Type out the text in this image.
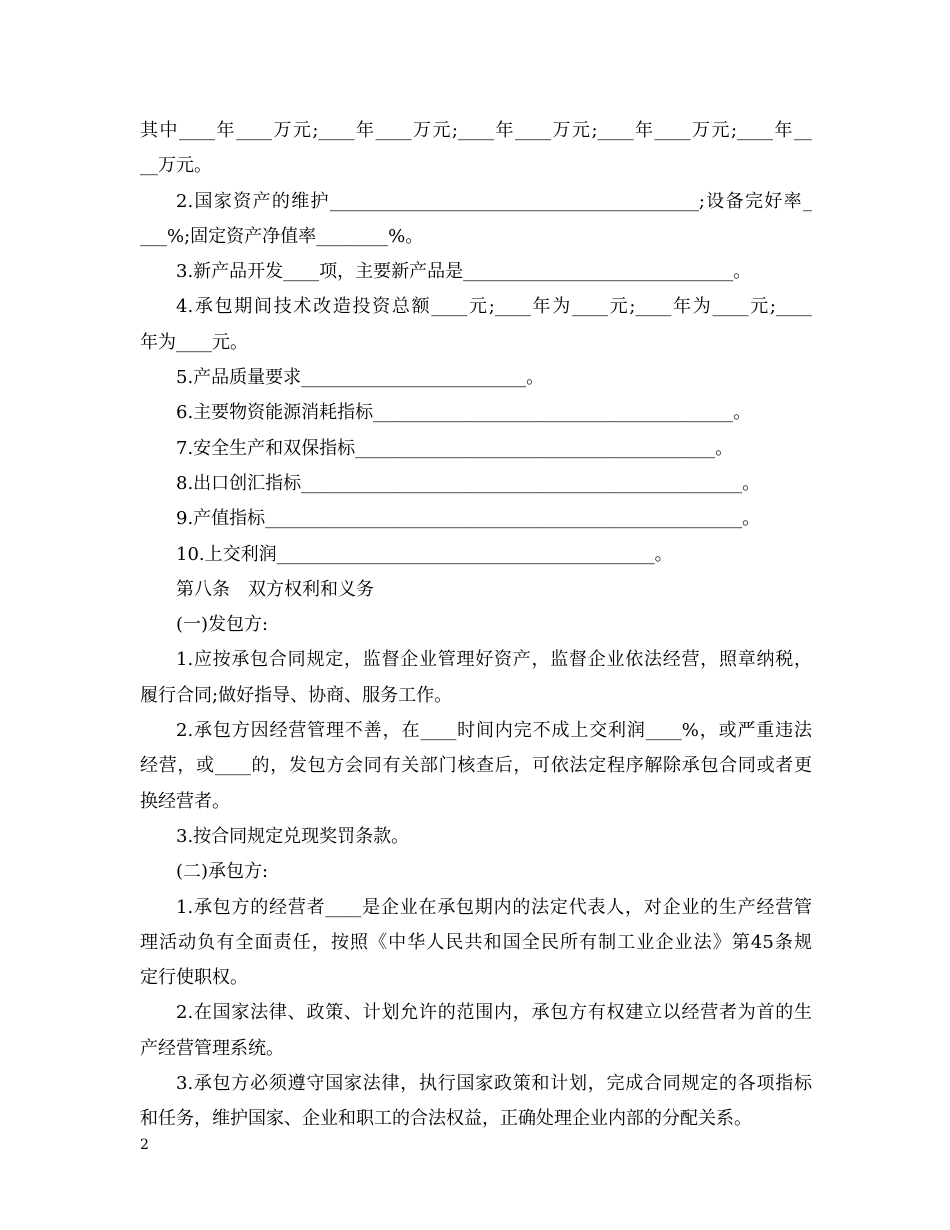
其中____年____万元;____年____万元;____年____万元;____年____万元;____年__
__万元。
2.国家资产的维护_________________________________________;设备完好率_
___%;固定资产净值率________%。
3.新产品开发____项，主要新产品是______________________________。
4.承包期间技术改造投资总额____元;____年为____元;____年为____元;____
年为____元。
5.产品质量要求_________________________。
6.主要物资能源消耗指标________________________________________。
7.安全生产和双保指标________________________________________。
8.出口创汇指标_________________________________________________。
9.产值指标_____________________________________________________。
10.上交利润__________________________________________。
第八条　双方权利和义务
(一)发包方:
1.应按承包合同规定，监督企业管理好资产，监督企业依法经营，照章纳税，
履行合同;做好指导、协商、服务工作。
2.承包方因经营管理不善，在____时间内完不成上交利润____%，或严重违法
经营，或____的，发包方会同有关部门核查后，可依法定程序解除承包合同或者更
换经营者。
3.按合同规定兑现奖罚条款。
(二)承包方:
1.承包方的经营者____是企业在承包期内的法定代表人，对企业的生产经营管
理活动负有全面责任，按照《中华人民共和国全民所有制工业企业法》第45条规
定行使职权。
2.在国家法律、政策、计划允许的范围内，承包方有权建立以经营者为首的生
产经营管理系统。
3.承包方必须遵守国家法律，执行国家政策和计划，完成合同规定的各项指标
和任务，维护国家、企业和职工的合法权益，正确处理企业内部的分配关系。
2
